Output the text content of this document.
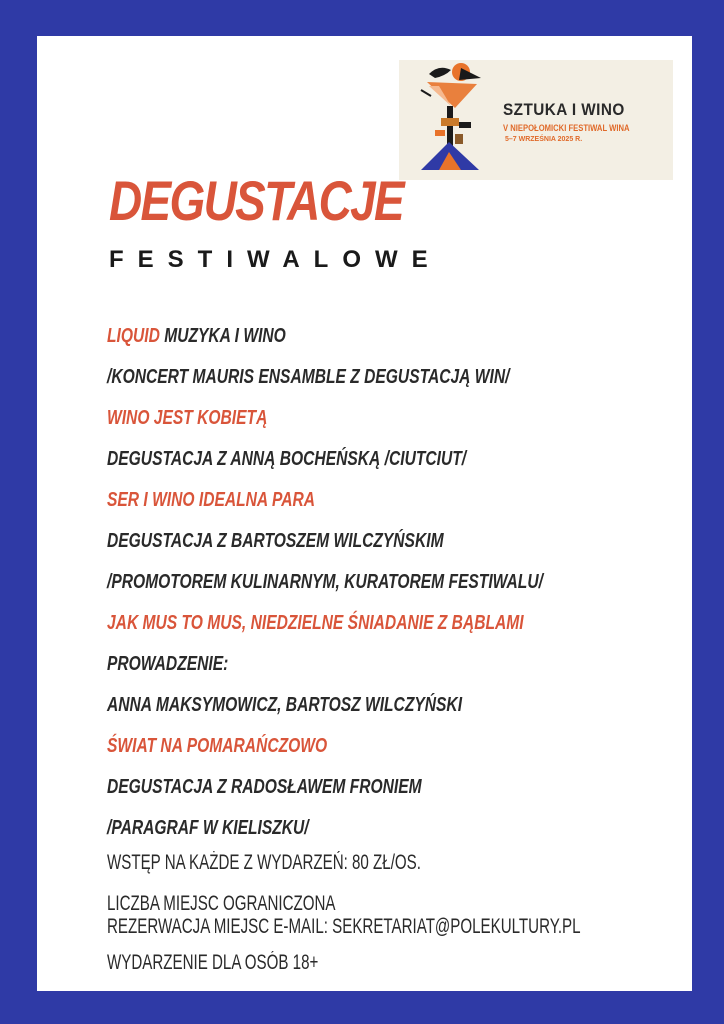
SZTUKA I WINO
V NIEPOŁOMICKI FESTIWAL WINA
5–7 WRZEŚNIA 2025 R.
DEGUSTACJE
FESTIWALOWE
LIQUID MUZYKA I WINO
/KONCERT MAURIS ENSAMBLE Z DEGUSTACJĄ WIN/
WINO JEST KOBIETĄ
DEGUSTACJA Z ANNĄ BOCHEŃSKĄ /CIUTCIUT/
SER I WINO IDEALNA PARA
DEGUSTACJA Z BARTOSZEM WILCZYŃSKIM
/PROMOTOREM KULINARNYM, KURATOREM FESTIWALU/
JAK MUS TO MUS, NIEDZIELNE ŚNIADANIE Z BĄBLAMI
PROWADZENIE:
ANNA MAKSYMOWICZ, BARTOSZ WILCZYŃSKI
ŚWIAT NA POMARAŃCZOWO
DEGUSTACJA Z RADOSŁAWEM FRONIEM
/PARAGRAF W KIELISZKU/
WSTĘP NA KAŻDE Z WYDARZEŃ: 80 ZŁ/OS.
LICZBA MIEJSC OGRANICZONA
REZERWACJA MIEJSC E-MAIL: SEKRETARIAT@POLEKULTURY.PL
WYDARZENIE DLA OSÓB 18+
